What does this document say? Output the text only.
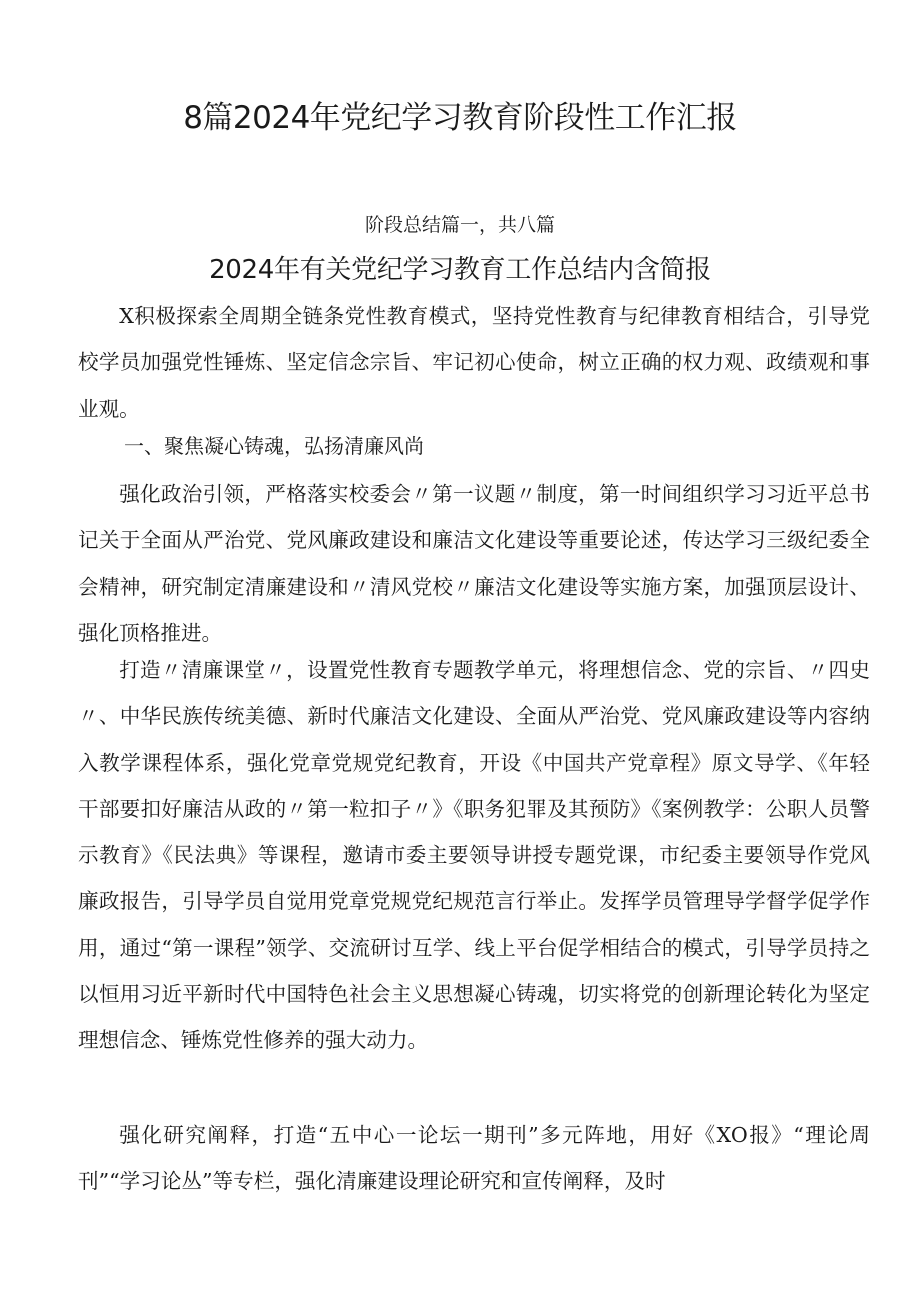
8篇2024年党纪学习教育阶段性工作汇报
阶段总结篇一，共八篇
2024年有关党纪学习教育工作总结内含简报

X积极探索全周期全链条党性教育模式，坚持党性教育与纪律教育相结合，引导党校学员加强党性锤炼、坚定信念宗旨、牢记初心使命，树立正确的权力观、政绩观和事业观。

一、聚焦凝心铸魂，弘扬清廉风尚

强化政治引领，严格落实校委会〃第一议题〃制度，第一时间组织学习习近平总书记关于全面从严治党、党风廉政建设和廉洁文化建设等重要论述，传达学习三级纪委全会精神，研究制定清廉建设和〃清风党校〃廉洁文化建设等实施方案，加强顶层设计、强化顶格推进。

打造〃清廉课堂〃，设置党性教育专题教学单元，将理想信念、党的宗旨、〃四史〃、中华民族传统美德、新时代廉洁文化建设、全面从严治党、党风廉政建设等内容纳入教学课程体系，强化党章党规党纪教育，开设《中国共产党章程》原文导学、《年轻干部要扣好廉洁从政的〃第一粒扣子〃》《职务犯罪及其预防》《案例教学：公职人员警示教育》《民法典》等课程，邀请市委主要领导讲授专题党课，市纪委主要领导作党风廉政报告，引导学员自觉用党章党规党纪规范言行举止。发挥学员管理导学督学促学作用，通过“第一课程”领学、交流研讨互学、线上平台促学相结合的模式，引导学员持之以恒用习近平新时代中国特色社会主义思想凝心铸魂，切实将党的创新理论转化为坚定理想信念、锤炼党性修养的强大动力。

强化研究阐释，打造“五中心一论坛一期刊”多元阵地，用好《XO报》“理论周刊”“学习论丛”等专栏，强化清廉建设理论研究和宣传阐释，及时
